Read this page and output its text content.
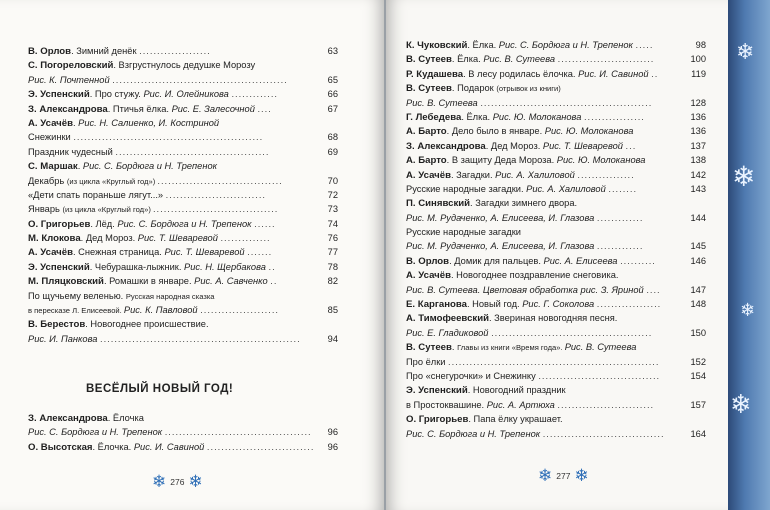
В. Орлов. Зимний денёк ....................	63
С. Погореловский. Взгрустнулось дедушке Морозу
Рис. К. Почтенной .................................................	65
Э. Успенский. Про стужу. Рис. И. Олейникова .............	66
З. Александрова. Птичья ёлка. Рис. Е. Залесочной ....	67
А. Усачёв. Рис. Н. Салиенко, И. Костриной
Снежинки .....................................................	68
Праздник чудесный ...........................................	69
С. Маршак. Рис. С. Бордюга и Н. Трепенок
Декабрь (из цикла «Круглый год») ...................................	70
«Дети спать пораньше лягут...» ............................	72
Январь (из цикла «Круглый год») ...................................	73
О. Григорьев. Лёд. Рис. С. Бордюга и Н. Трепенок ......	74
М. Клокова. Дед Мороз. Рис. Т. Шеваревой ..............	76
А. Усачёв. Снежная страница. Рис. Т. Шеваревой .......	77
Э. Успенский. Чебурашка-лыжник. Рис. Н. Щербакова ..	78
М. Пляцковский. Ромашки в январе. Рис. А. Савченко ..	82
По щучьему веленью. Русская народная сказка
в пересказе Л. Елисеевой. Рис. К. Павловой ......................	85
В. Берестов. Новогоднее происшествие.
Рис. И. Панкова ........................................................	94
ВЕСЁЛЫЙ НОВЫЙ ГОД!
З. Александрова. Ёлочка
Рис. С. Бордюга и Н. Трепенок ......................................... 96
О. Высотская. Ёлочка. Рис. И. Савиной .............................. 96
❄ 276 ❄
К. Чуковский. Ёлка. Рис. С. Бордюга и Н. Трепенок .....	98
В. Сутеев. Ёлка. Рис. В. Сутеева ...........................	100
Р. Кудашева. В лесу родилась ёлочка. Рис. И. Савиной ..	119
В. Сутеев. Подарок (отрывок из книги)
Рис. В. Сутеева ................................................	128
Г. Лебедева. Ёлка. Рис. Ю. Молоканова .................	136
А. Барто. Дело было в январе. Рис. Ю. Молоканова	136
З. Александрова. Дед Мороз. Рис. Т. Шеваревой ...	137
А. Барто. В защиту Деда Мороза. Рис. Ю. Молоканова	138
А. Усачёв. Загадки. Рис. А. Халиловой ................	142
Русские народные загадки. Рис. А. Халиловой ........	143
П. Синявский. Загадки зимнего двора.
Рис. М. Рудаченко, А. Елисеева, И. Глазова .............	144
Русские народные загадки
Рис. М. Рудаченко, А. Елисеева, И. Глазова .............	145
В. Орлов. Домик для пальцев. Рис. А. Елисеева ..........	146
А. Усачёв. Новогоднее поздравление снеговика.
Рис. В. Сутеева. Цветовая обработка рис. З. Яриной ....	147
Е. Карганова. Новый год. Рис. Г. Соколова ..................	148
А. Тимофеевский. Звериная новогодняя песня.
Рис. Е. Гладиковой .............................................	150
В. Сутеев. Главы из книги «Время года». Рис. В. Сутеева
Про ёлки ...........................................................	152
Про «снегурочки» и Снежинку ..................................	154
Э. Успенский. Новогодний праздник
в Простоквашине. Рис. А. Артюха ...........................	157
О. Григорьев. Папа ёлку украшает.
Рис. С. Бордюга и Н. Трепенок ..................................	164
❄ 277 ❄
❄
❄
❄
❄
